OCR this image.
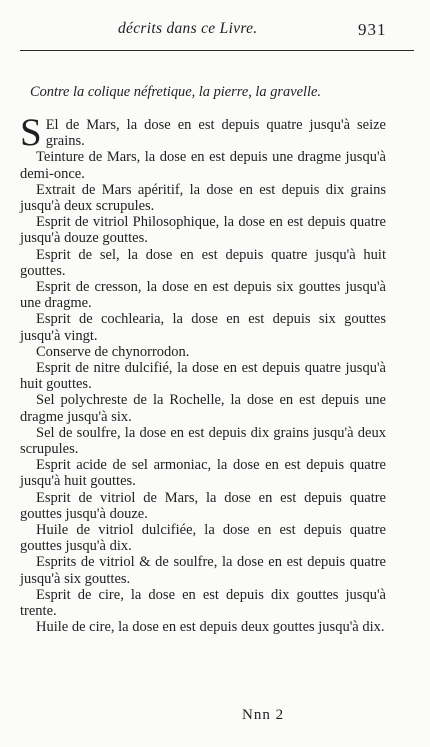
décrits dans ce Livre.	931
Contre la colique néfretique, la pierre, la gravelle.

S El de Mars, la dose en est depuis quatre jusqu'à seize grains.

Teinture de Mars, la dose en est depuis une dragme jusqu'à demi-once.

Extrait de Mars apéritif, la dose en est depuis dix grains jusqu'à deux scrupules.

Esprit de vitriol Philosophique, la dose en est depuis quatre jusqu'à douze gouttes.

Esprit de sel, la dose en est depuis quatre jusqu'à huit gouttes.

Esprit de cresson, la dose en est depuis six gouttes jusqu'à une dragme.

Esprit de cochlearia, la dose en est depuis six gouttes jusqu'à vingt.

Conserve de chynorrodon.

Esprit de nitre dulcifié, la dose en est depuis quatre jusqu'à huit gouttes.

Sel polychreste de la Rochelle, la dose en est depuis une dragme jusqu'à six.

Sel de soulfre, la dose en est depuis dix grains jusqu'à deux scrupules.

Esprit acide de sel armoniac, la dose en est depuis quatre jusqu'à huit gouttes.

Esprit de vitriol de Mars, la dose en est depuis quatre gouttes jusqu'à douze.

Huile de vitriol dulcifiée, la dose en est depuis quatre gouttes jusqu'à dix.

Esprits de vitriol & de soulfre, la dose en est depuis quatre jusqu'à six gouttes.

Esprit de cire, la dose en est depuis dix gouttes jusqu'à trente.

Huile de cire, la dose en est depuis deux gouttes jusqu'à dix.

Nnn 2
